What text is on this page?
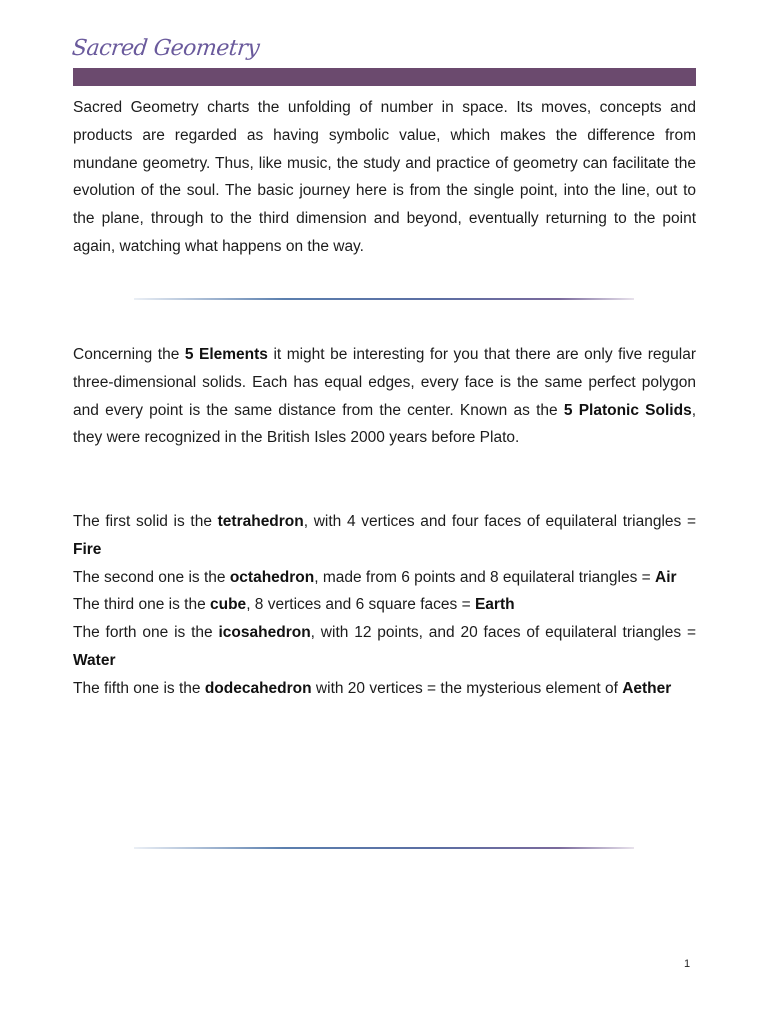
Sacred Geometry

Sacred Geometry charts the unfolding of number in space. Its moves, concepts and products are regarded as having symbolic value, which makes the difference from mundane geometry. Thus, like music, the study and practice of geometry can facilitate the evolution of the soul. The basic journey here is from the single point, into the line, out to the plane, through to the third dimension and beyond, eventually returning to the point again, watching what happens on the way.

Concerning the 5 Elements it might be interesting for you that there are only five regular three-dimensional solids. Each has equal edges, every face is the same perfect polygon and every point is the same distance from the center. Known as the 5 Platonic Solids, they were recognized in the British Isles 2000 years before Plato.

The first solid is the tetrahedron, with 4 vertices and four faces of equilateral triangles = Fire

The second one is the octahedron, made from 6 points and 8 equilateral triangles = Air

The third one is the cube, 8 vertices and 6 square faces = Earth

The forth one is the icosahedron, with 12 points, and 20 faces of equilateral triangles = Water

The fifth one is the dodecahedron with 20 vertices = the mysterious element of Aether

1
